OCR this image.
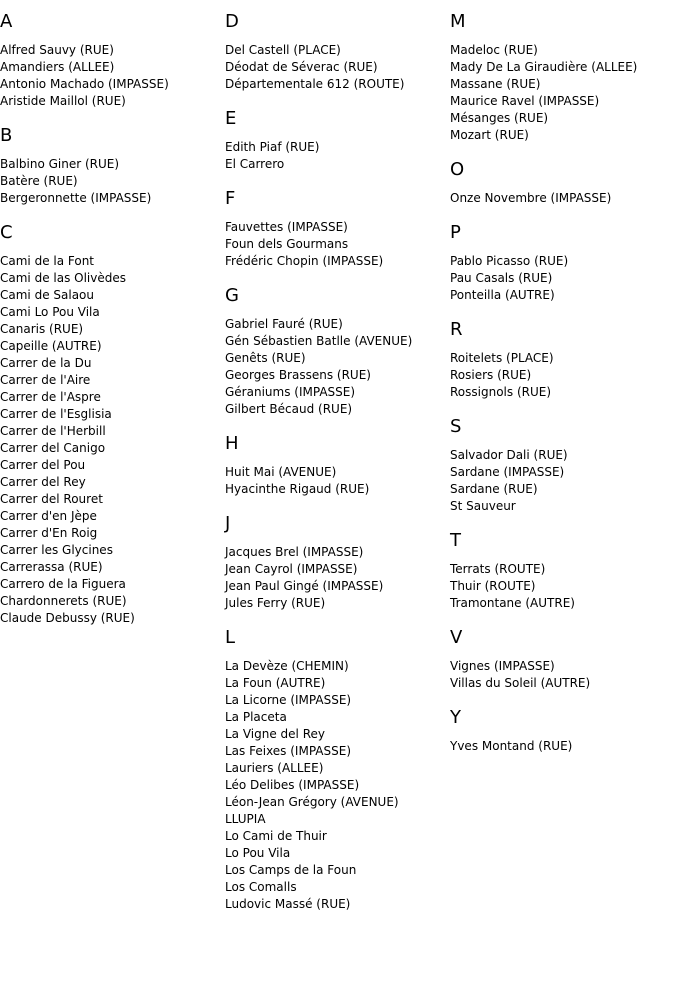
A
Alfred Sauvy (RUE)
Amandiers (ALLEE)
Antonio Machado (IMPASSE)
Aristide Maillol (RUE)
B
Balbino Giner (RUE)
Batère (RUE)
Bergeronnette (IMPASSE)
C
Cami de la Font
Cami de las Olivèdes
Cami de Salaou
Cami Lo Pou Vila
Canaris (RUE)
Capeille (AUTRE)
Carrer de la Du
Carrer de l'Aire
Carrer de l'Aspre
Carrer de l'Esglisia
Carrer de l'Herbill
Carrer del Canigo
Carrer del Pou
Carrer del Rey
Carrer del Rouret
Carrer d'en Jèpe
Carrer d'En Roig
Carrer les Glycines
Carrerassa (RUE)
Carrero de la Figuera
Chardonnerets (RUE)
Claude Debussy (RUE)
D
Del Castell (PLACE)
Déodat de Séverac (RUE)
Départementale 612 (ROUTE)
E
Edith Piaf (RUE)
El Carrero
F
Fauvettes (IMPASSE)
Foun dels Gourmans
Frédéric Chopin (IMPASSE)
G
Gabriel Fauré (RUE)
Gén Sébastien Batlle (AVENUE)
Genêts (RUE)
Georges Brassens (RUE)
Géraniums (IMPASSE)
Gilbert Bécaud (RUE)
H
Huit Mai (AVENUE)
Hyacinthe Rigaud (RUE)
J
Jacques Brel (IMPASSE)
Jean Cayrol (IMPASSE)
Jean Paul Gingé (IMPASSE)
Jules Ferry (RUE)
L
La Devèze (CHEMIN)
La Foun (AUTRE)
La Licorne (IMPASSE)
La Placeta
La Vigne del Rey
Las Feixes (IMPASSE)
Lauriers (ALLEE)
Léo Delibes (IMPASSE)
Léon-Jean Grégory (AVENUE)
LLUPIA
Lo Cami de Thuir
Lo Pou Vila
Los Camps de la Foun
Los Comalls
Ludovic Massé (RUE)
M
Madeloc (RUE)
Mady De La Giraudière (ALLEE)
Massane (RUE)
Maurice Ravel (IMPASSE)
Mésanges (RUE)
Mozart (RUE)
O
Onze Novembre (IMPASSE)
P
Pablo Picasso (RUE)
Pau Casals (RUE)
Ponteilla (AUTRE)
R
Roitelets (PLACE)
Rosiers (RUE)
Rossignols (RUE)
S
Salvador Dali (RUE)
Sardane (IMPASSE)
Sardane (RUE)
St Sauveur
T
Terrats (ROUTE)
Thuir (ROUTE)
Tramontane (AUTRE)
V
Vignes (IMPASSE)
Villas du Soleil (AUTRE)
Y
Yves Montand (RUE)
